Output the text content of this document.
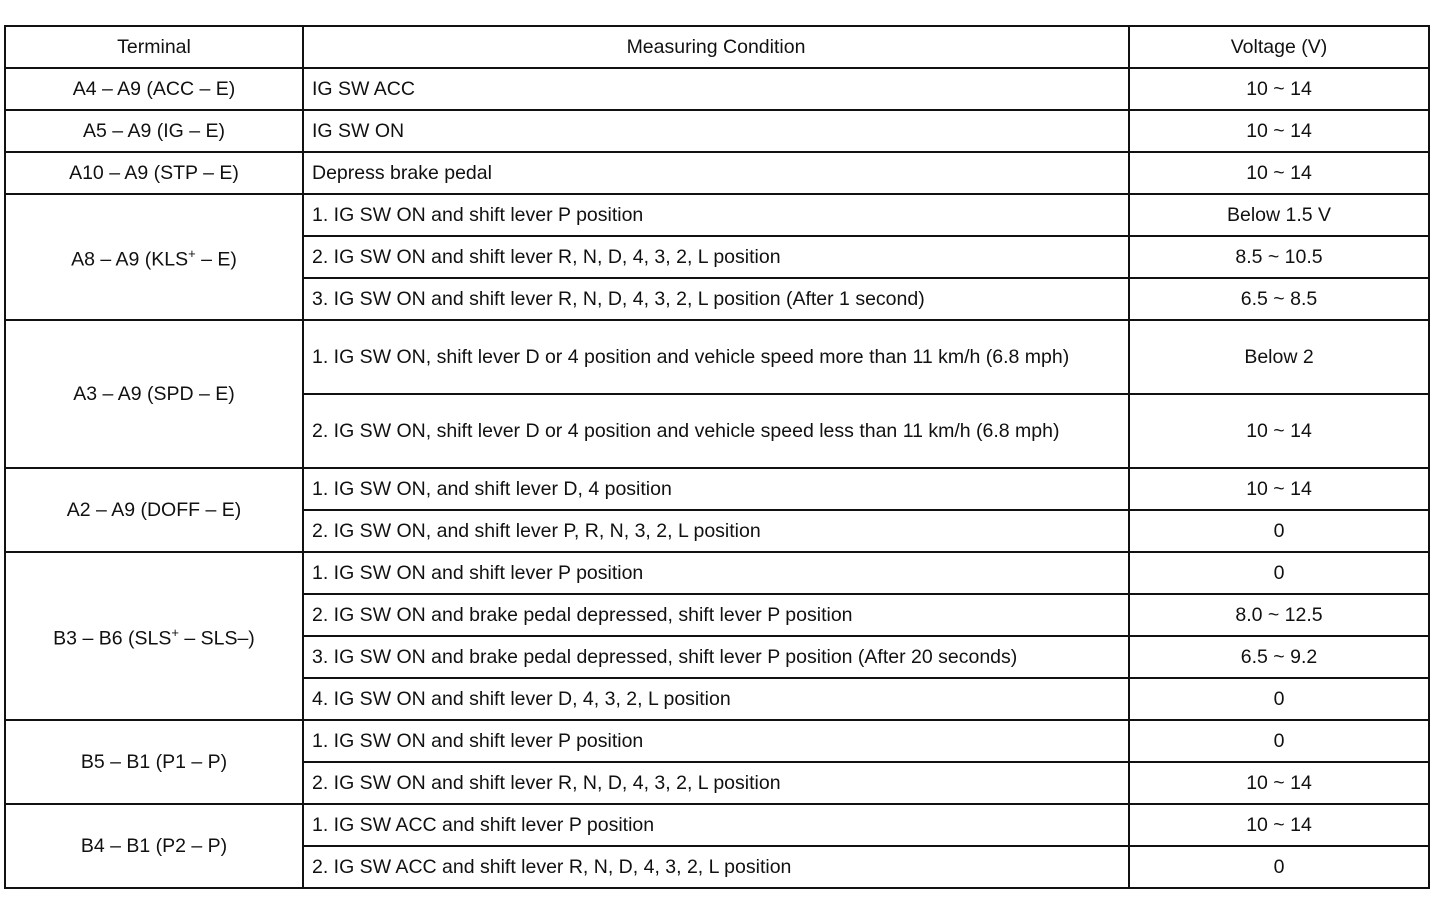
Terminal	Measuring Condition	Voltage (V)
A4 – A9 (ACC – E)	IG SW ACC	10 ~ 14
A5 – A9 (IG – E)	IG SW ON	10 ~ 14
A10 – A9 (STP – E)	Depress brake pedal	10 ~ 14
A8 – A9 (KLS+ – E)	1. IG SW ON and shift lever P position	Below 1.5 V
	2. IG SW ON and shift lever R, N, D, 4, 3, 2, L position	8.5 ~ 10.5
	3. IG SW ON and shift lever R, N, D, 4, 3, 2, L position (After 1 second)	6.5 ~ 8.5
A3 – A9 (SPD – E)	1. IG SW ON, shift lever D or 4 position and vehicle speed more than 11 km/h (6.8 mph)	Below 2
	2. IG SW ON, shift lever D or 4 position and vehicle speed less than 11 km/h (6.8 mph)	10 ~ 14
A2 – A9 (DOFF – E)	1. IG SW ON, and shift lever D, 4 position	10 ~ 14
	2. IG SW ON, and shift lever P, R, N, 3, 2, L position	0
B3 – B6 (SLS+ – SLS–)	1. IG SW ON and shift lever P position	0
	2. IG SW ON and brake pedal depressed, shift lever P position	8.0 ~ 12.5
	3. IG SW ON and brake pedal depressed, shift lever P position (After 20 seconds)	6.5 ~ 9.2
	4. IG SW ON and shift lever D, 4, 3, 2, L position	0
B5 – B1 (P1 – P)	1. IG SW ON and shift lever P position	0
	2. IG SW ON and shift lever R, N, D, 4, 3, 2, L position	10 ~ 14
B4 – B1 (P2 – P)	1. IG SW ACC and shift lever P position	10 ~ 14
	2. IG SW ACC and shift lever R, N, D, 4, 3, 2, L position	0
